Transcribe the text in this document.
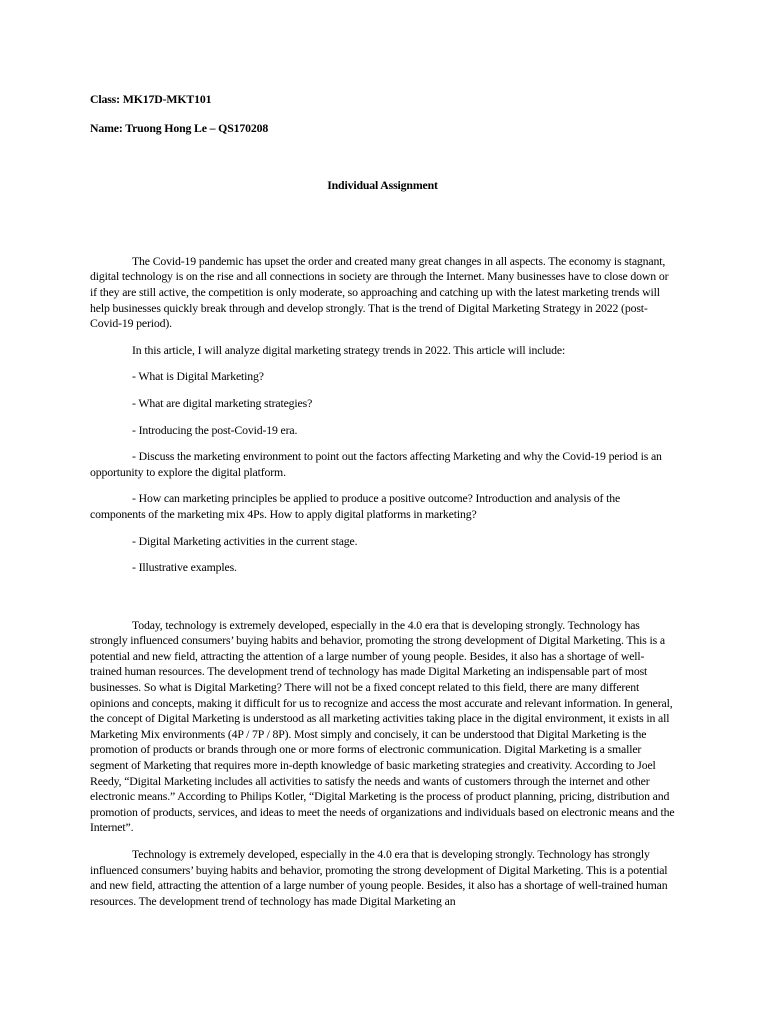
Class: MK17D-MKT101

Name: Truong Hong Le – QS170208

Individual Assignment

The Covid-19 pandemic has upset the order and created many great changes in all aspects. The economy is stagnant, digital technology is on the rise and all connections in society are through the Internet. Many businesses have to close down or if they are still active, the competition is only moderate, so approaching and catching up with the latest marketing trends will help businesses quickly break through and develop strongly. That is the trend of Digital Marketing Strategy in 2022 (post-Covid-19 period).

In this article, I will analyze digital marketing strategy trends in 2022. This article will include:

- What is Digital Marketing?

- What are digital marketing strategies?

- Introducing the post-Covid-19 era.

- Discuss the marketing environment to point out the factors affecting Marketing and why the Covid-19 period is an opportunity to explore the digital platform.

- How can marketing principles be applied to produce a positive outcome? Introduction and analysis of the components of the marketing mix 4Ps. How to apply digital platforms in marketing?

- Digital Marketing activities in the current stage.

- Illustrative examples.

Today, technology is extremely developed, especially in the 4.0 era that is developing strongly. Technology has strongly influenced consumers’ buying habits and behavior, promoting the strong development of Digital Marketing. This is a potential and new field, attracting the attention of a large number of young people. Besides, it also has a shortage of well-trained human resources. The development trend of technology has made Digital Marketing an indispensable part of most businesses. So what is Digital Marketing? There will not be a fixed concept related to this field, there are many different opinions and concepts, making it difficult for us to recognize and access the most accurate and relevant information. In general, the concept of Digital Marketing is understood as all marketing activities taking place in the digital environment, it exists in all Marketing Mix environments (4P / 7P / 8P). Most simply and concisely, it can be understood that Digital Marketing is the promotion of products or brands through one or more forms of electronic communication. Digital Marketing is a smaller segment of Marketing that requires more in-depth knowledge of basic marketing strategies and creativity. According to Joel Reedy, “Digital Marketing includes all activities to satisfy the needs and wants of customers through the internet and other electronic means.” According to Philips Kotler, “Digital Marketing is the process of product planning, pricing, distribution and promotion of products, services, and ideas to meet the needs of organizations and individuals based on electronic means and the Internet”.

Technology is extremely developed, especially in the 4.0 era that is developing strongly. Technology has strongly influenced consumers’ buying habits and behavior, promoting the strong development of Digital Marketing. This is a potential and new field, attracting the attention of a large number of young people. Besides, it also has a shortage of well-trained human resources. The development trend of technology has made Digital Marketing an
